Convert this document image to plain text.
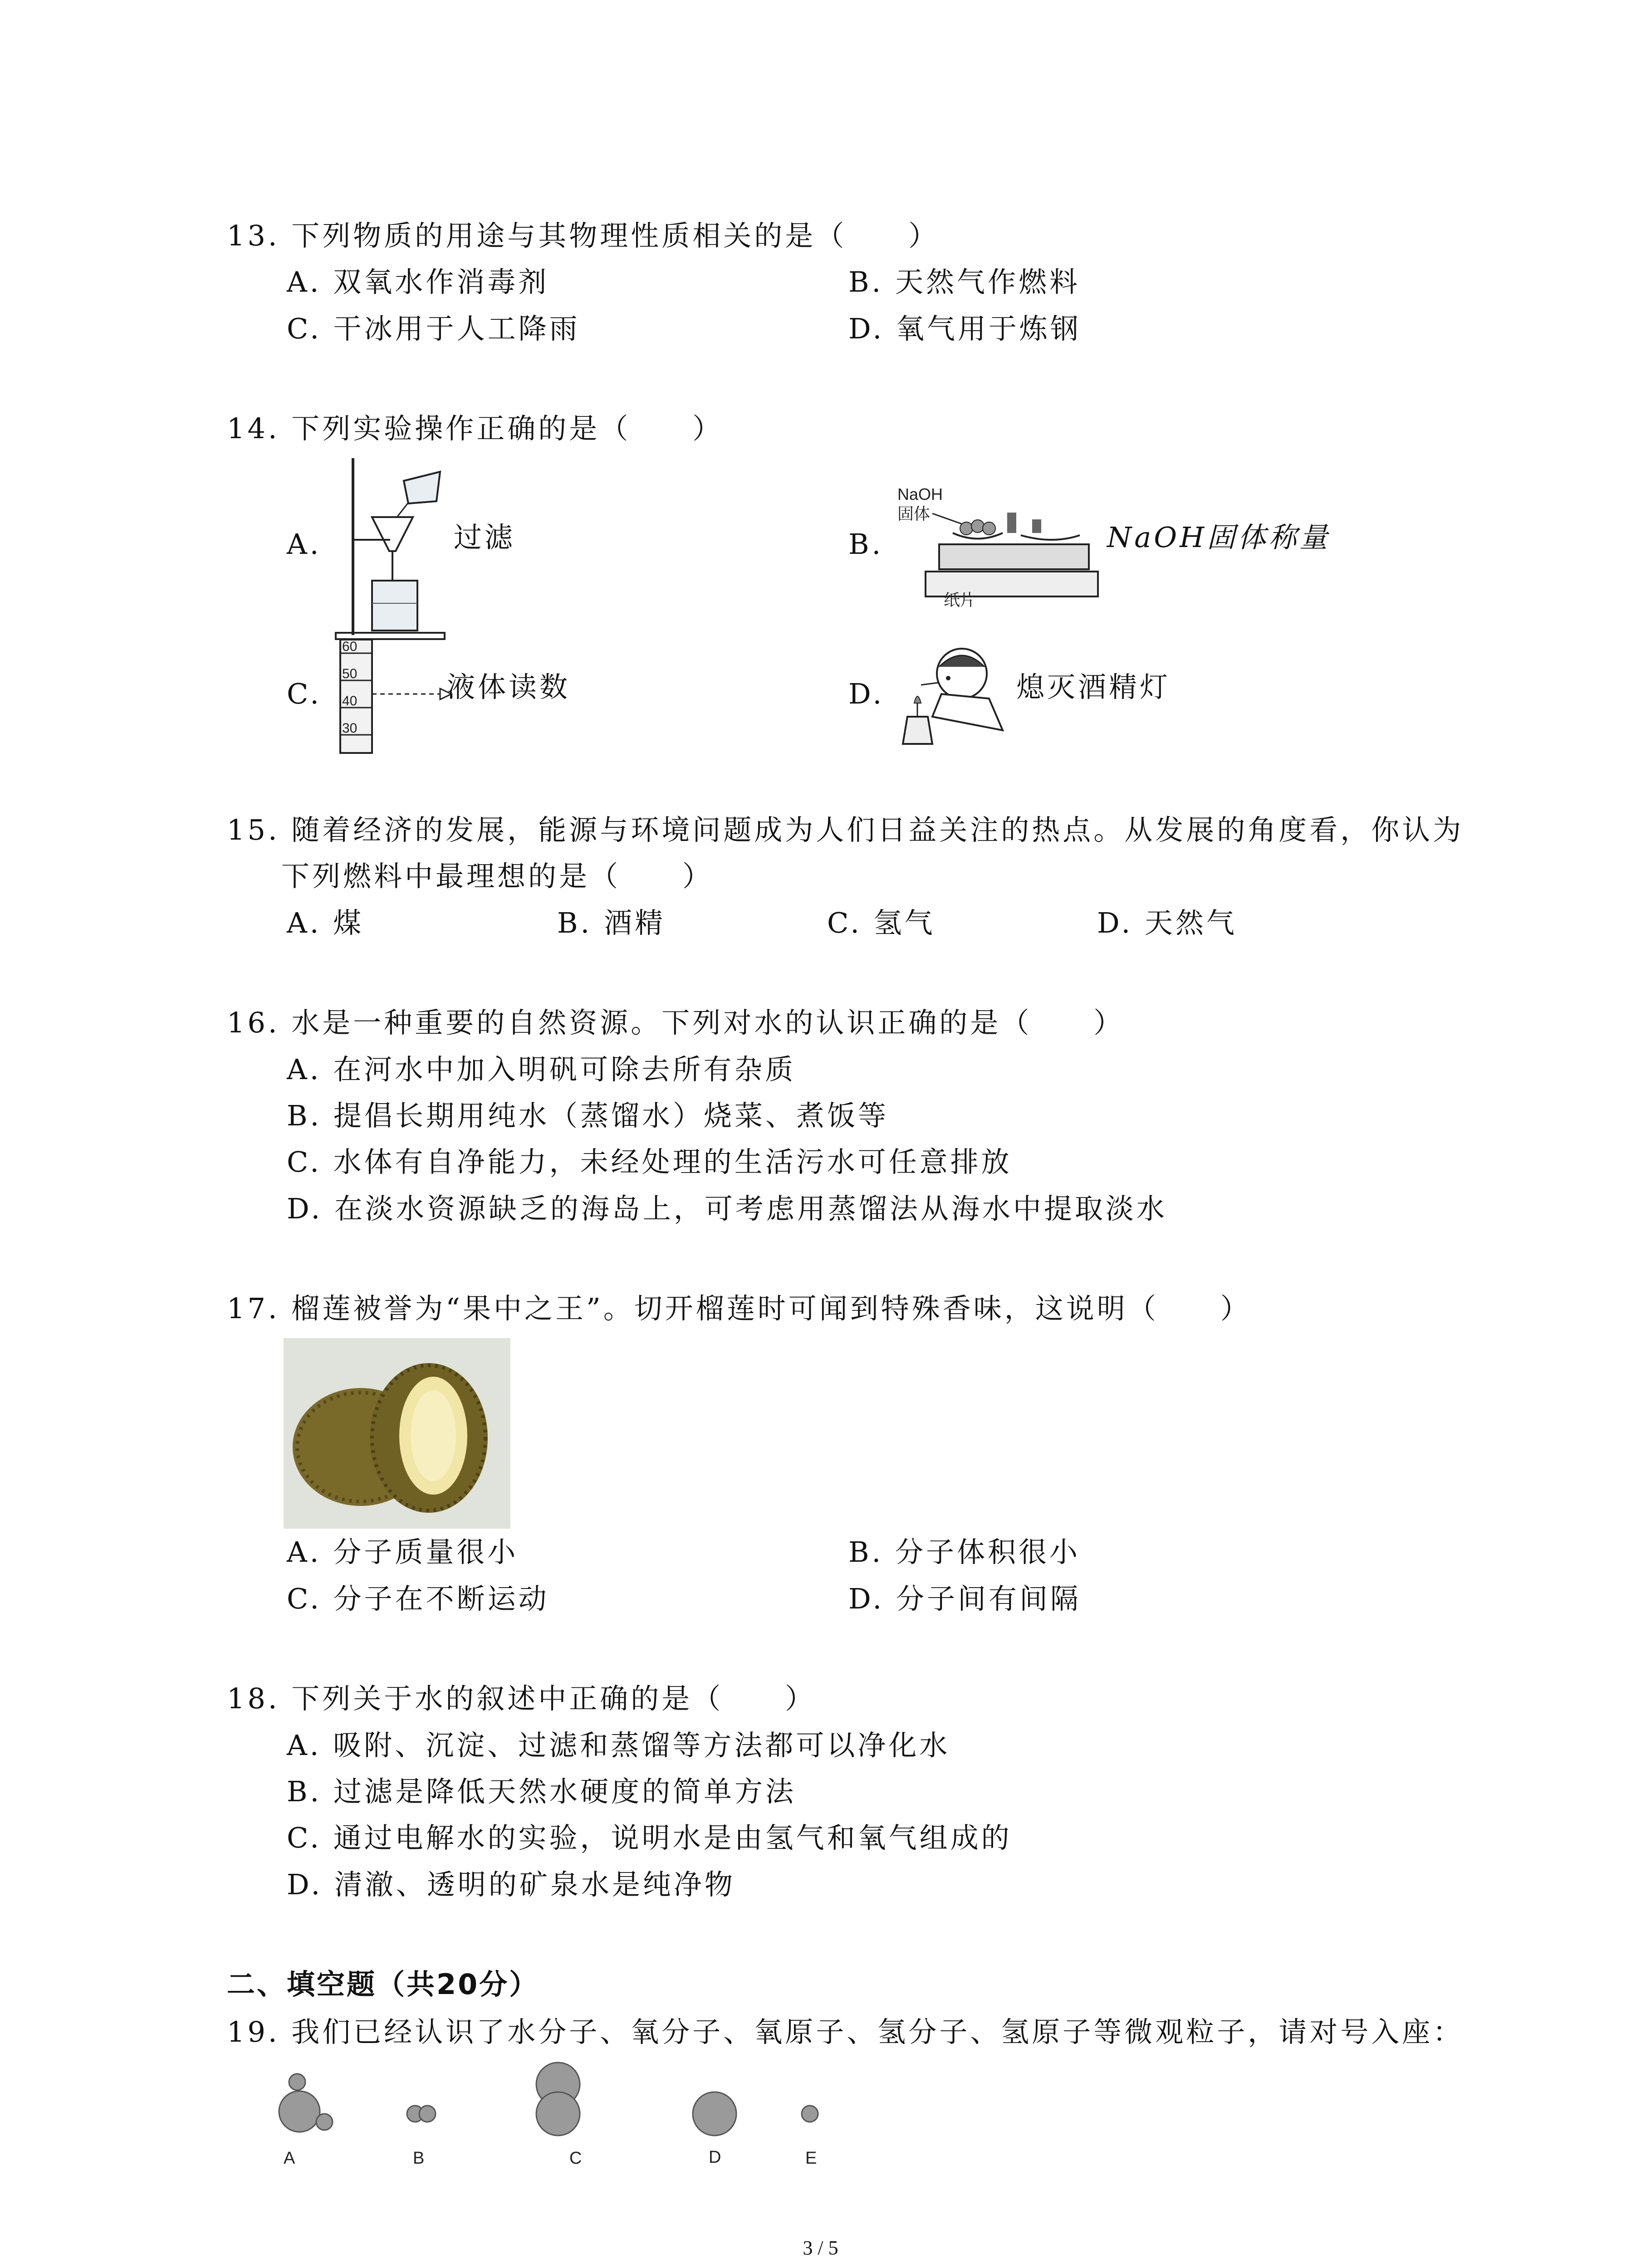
13. 下列物质的用途与其物理性质相关的是（　　）
A. 双氧水作消毒剂	B. 天然气作燃料
C. 干冰用于人工降雨	D. 氧气用于炼钢
14. 下列实验操作正确的是（　　）
A.	过滤	B.
NaOH
固体
纸片
NaOH固体称量
C.
60
50
40
30
液体读数	D.	熄灭酒精灯
15. 随着经济的发展，能源与环境问题成为人们日益关注的热点。从发展的角度看，你认为
下列燃料中最理想的是（　　）
A. 煤	B. 酒精	C. 氢气	D. 天然气
16. 水是一种重要的自然资源。下列对水的认识正确的是（　　）
A. 在河水中加入明矾可除去所有杂质
B. 提倡长期用纯水（蒸馏水）烧菜、煮饭等
C. 水体有自净能力，未经处理的生活污水可任意排放
D. 在淡水资源缺乏的海岛上，可考虑用蒸馏法从海水中提取淡水
17. 榴莲被誉为“果中之王”。切开榴莲时可闻到特殊香味，这说明（　　）
A. 分子质量很小	B. 分子体积很小
C. 分子在不断运动	D. 分子间有间隔
18. 下列关于水的叙述中正确的是（　　）
A. 吸附、沉淀、过滤和蒸馏等方法都可以净化水
B. 过滤是降低天然水硬度的简单方法
C. 通过电解水的实验，说明水是由氢气和氧气组成的
D. 清澈、透明的矿泉水是纯净物
二、填空题（共20分）
19. 我们已经认识了水分子、氧分子、氧原子、氢分子、氢原子等微观粒子，请对号入座：
A	B	C	D	E
3 / 5
